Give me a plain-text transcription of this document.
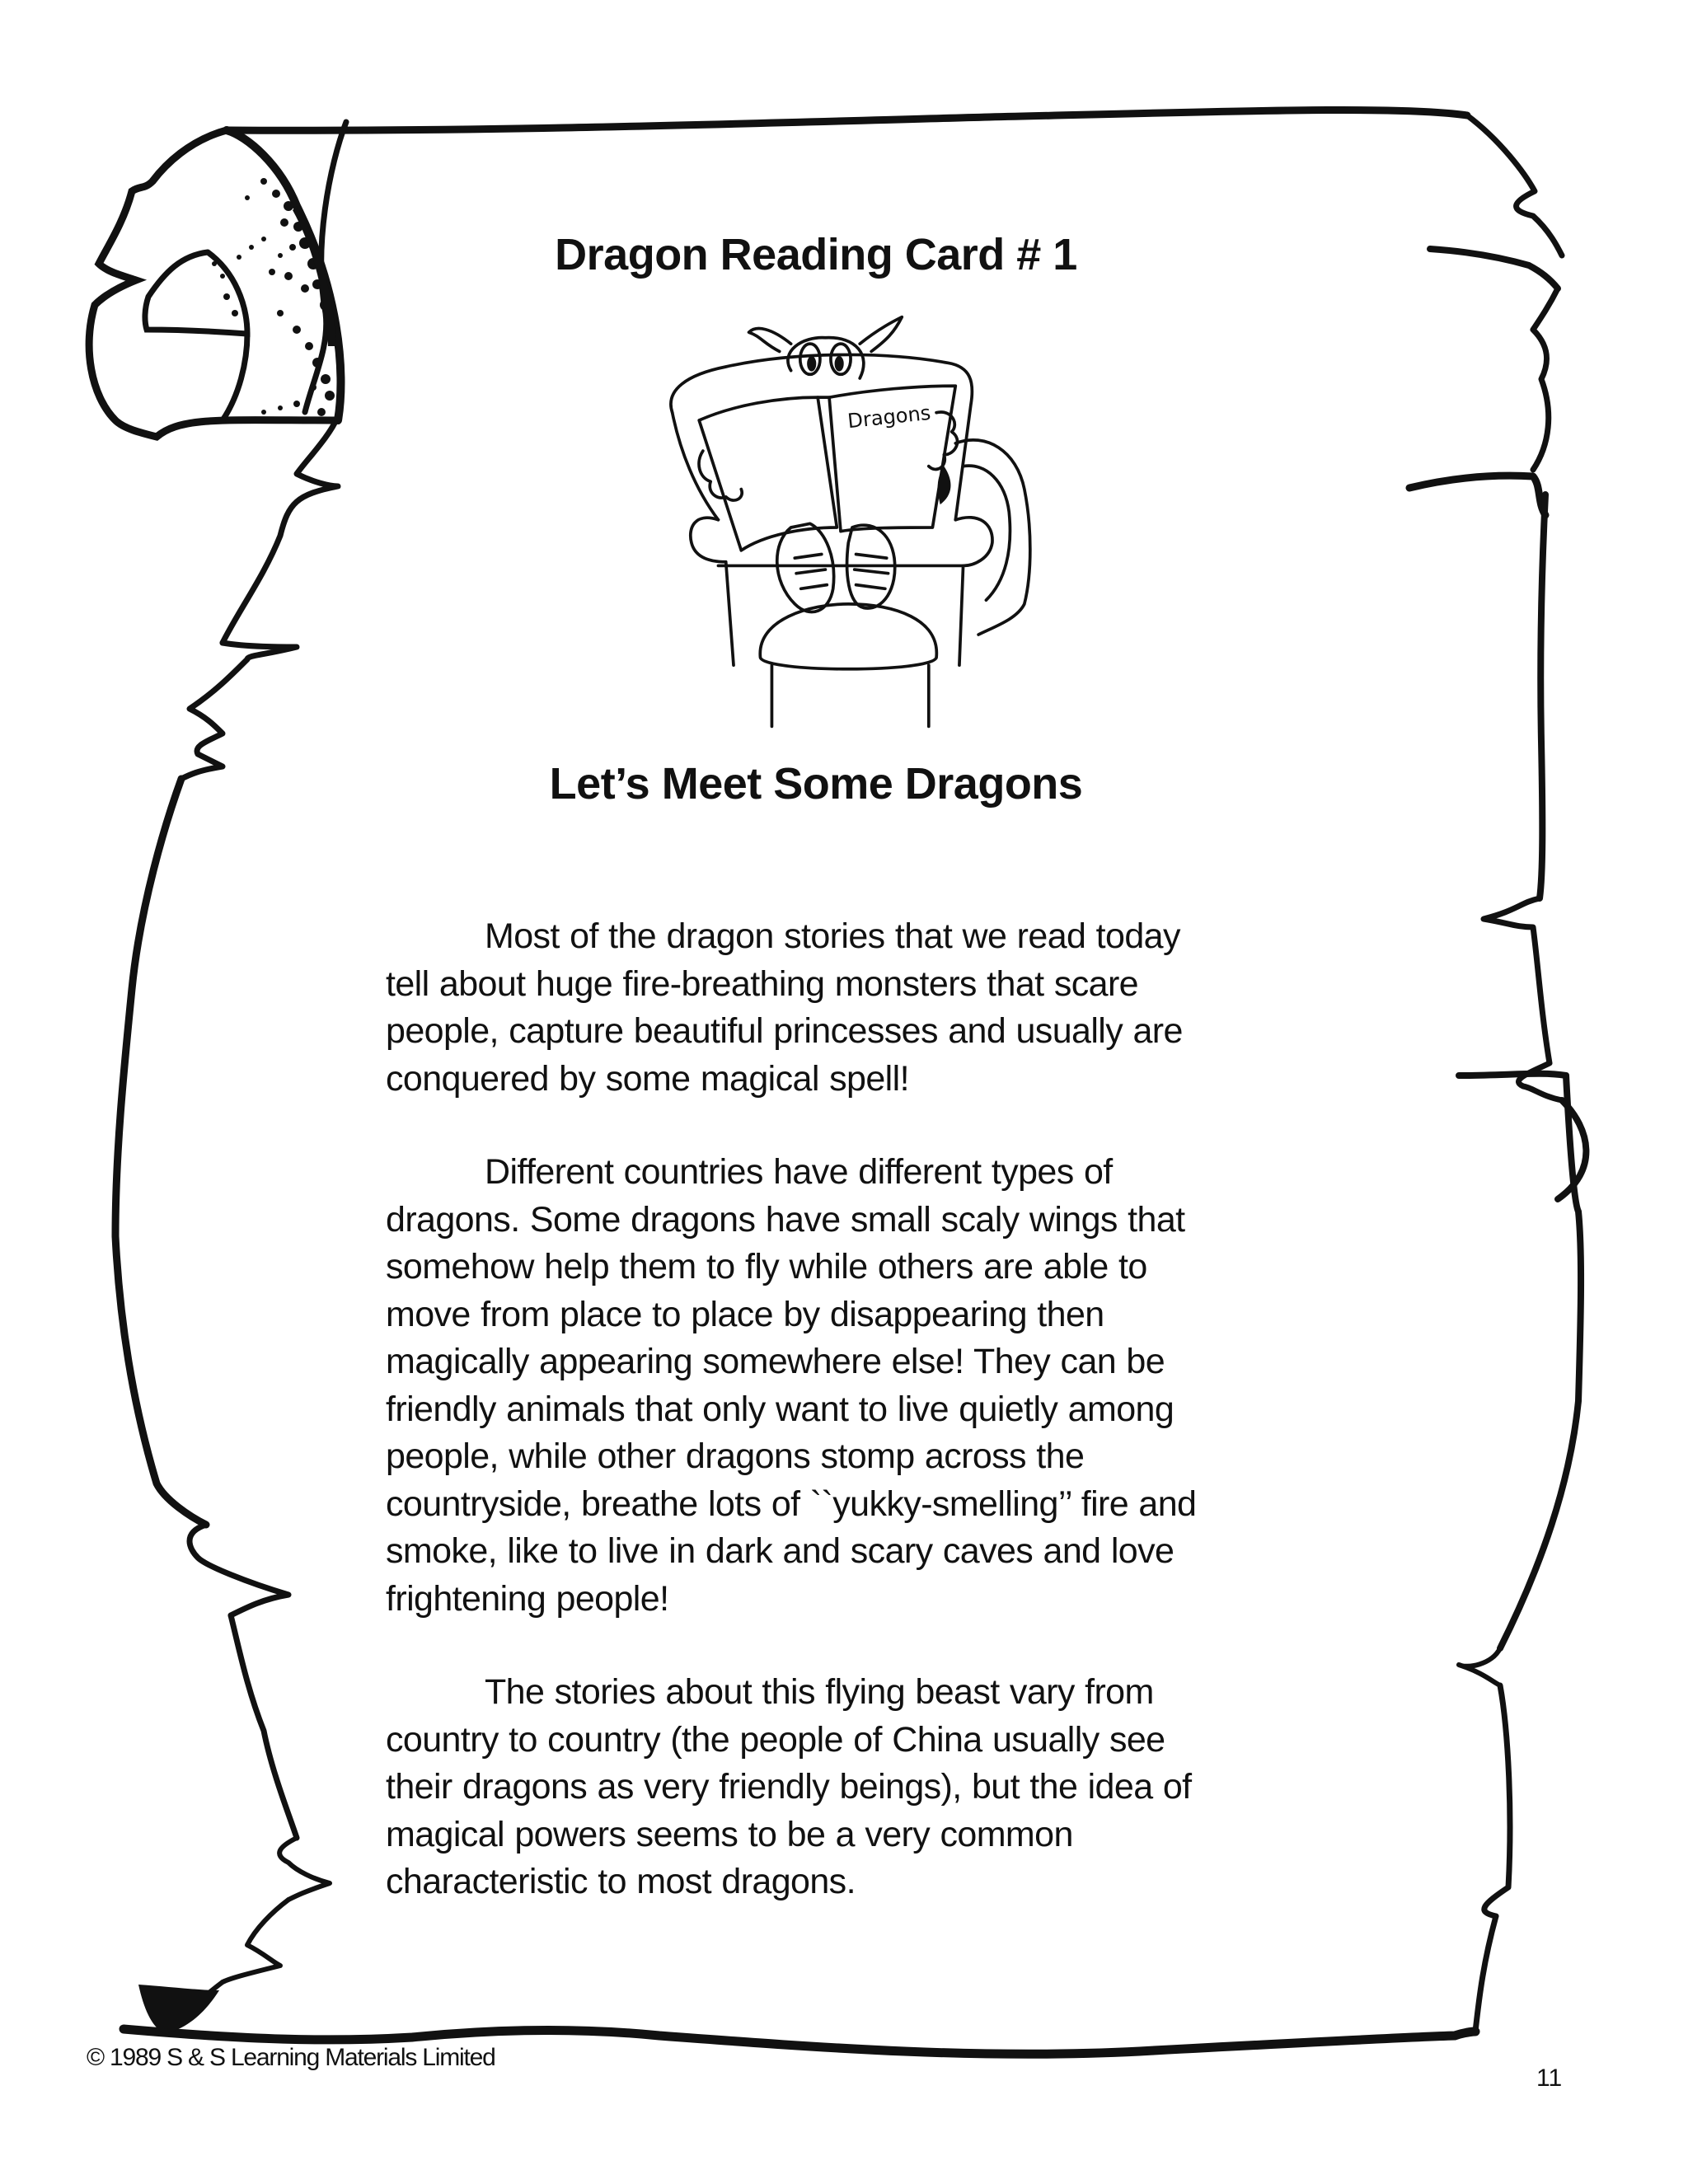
Dragon Reading Card # 1
Dragons
Let’s Meet Some Dragons

Most of the dragon stories that we read today
tell about huge fire-breathing monsters that scare
people, capture beautiful princesses and usually are
conquered by some magical spell!

Different countries have different types of
dragons. Some dragons have small scaly wings that
somehow help them to fly while others are able to
move from place to place by disappearing then
magically appearing somewhere else! They can be
friendly animals that only want to live quietly among
people, while other dragons stomp across the
countryside, breathe lots of ``yukky-smelling’’ fire and
smoke, like to live in dark and scary caves and love
frightening people!

The stories about this flying beast vary from
country to country (the people of China usually see
their dragons as very friendly beings), but the idea of
magical powers seems to be a very common
characteristic to most dragons.

© 1989 S & S Learning Materials Limited
11
